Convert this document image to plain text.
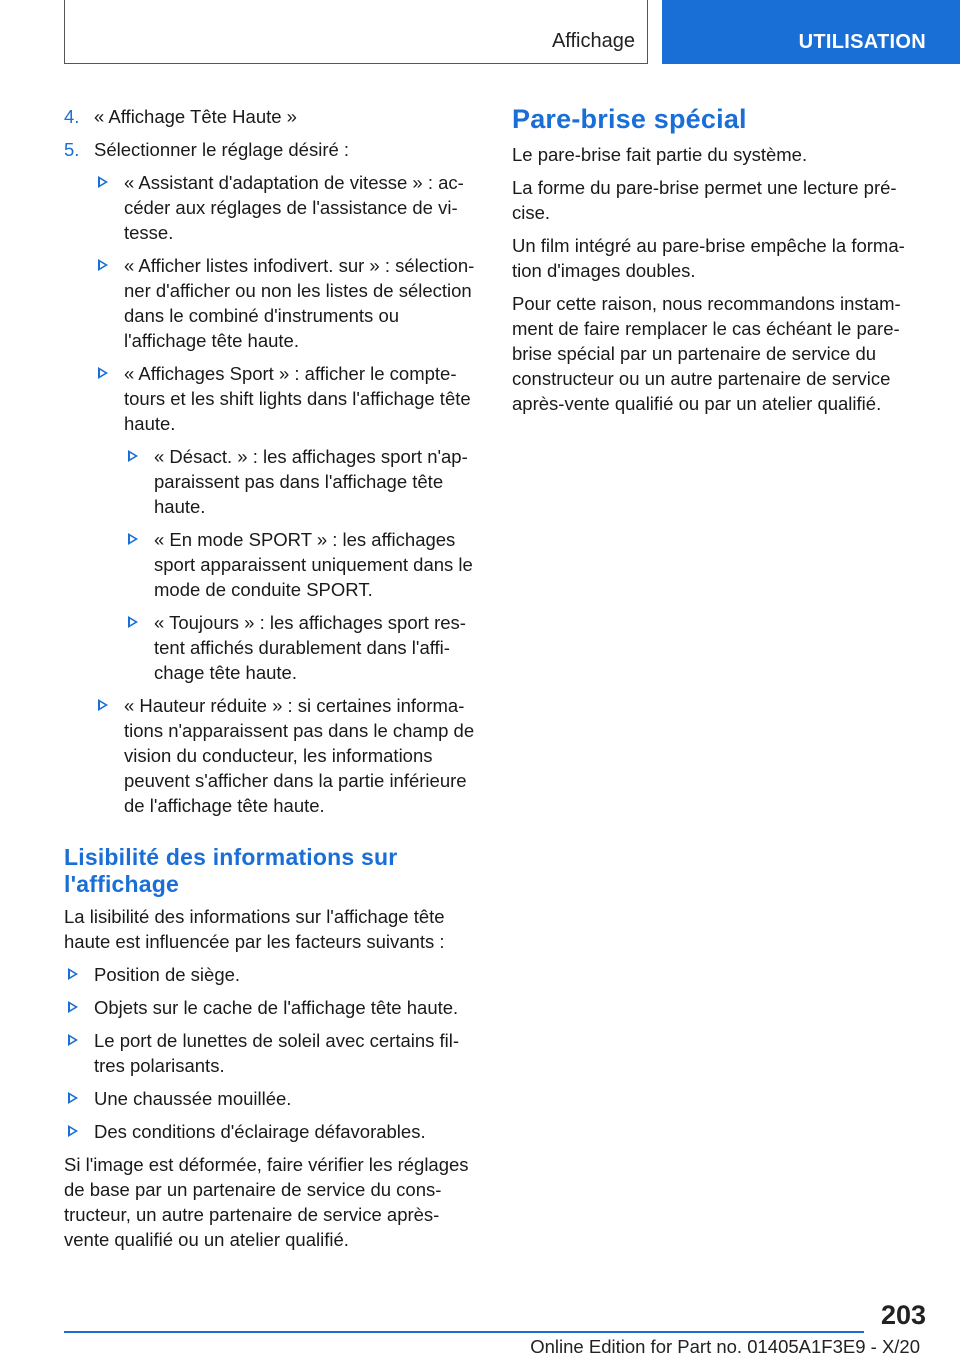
Affichage	UTILISATION
4. « Affichage Tête Haute »
5. Sélectionner le réglage désiré :
« Assistant d'adaptation de vitesse » : accéder aux réglages de l'assistance de vitesse.
« Afficher listes infodivert. sur » : sélectionner d'afficher ou non les listes de sélection dans le combiné d'instruments ou l'affichage tête haute.
« Affichages Sport » : afficher le compte-tours et les shift lights dans l'affichage tête haute.
« Désact. » : les affichages sport n'apparaissent pas dans l'affichage tête haute.
« En mode SPORT » : les affichages sport apparaissent uniquement dans le mode de conduite SPORT.
« Toujours » : les affichages sport restent affichés durablement dans l'affichage tête haute.
« Hauteur réduite » : si certaines informations n'apparaissent pas dans le champ de vision du conducteur, les informations peuvent s'afficher dans la partie inférieure de l'affichage tête haute.
Lisibilité des informations sur l'affichage

La lisibilité des informations sur l'affichage tête haute est influencée par les facteurs suivants :

Position de siège.
Objets sur le cache de l'affichage tête haute.
Le port de lunettes de soleil avec certains filtres polarisants.
Une chaussée mouillée.
Des conditions d'éclairage défavorables.

Si l'image est déformée, faire vérifier les réglages de base par un partenaire de service du constructeur, un autre partenaire de service après-vente qualifié ou un atelier qualifié.

Pare-brise spécial

Le pare-brise fait partie du système.

La forme du pare-brise permet une lecture précise.

Un film intégré au pare-brise empêche la formation d'images doubles.

Pour cette raison, nous recommandons instamment de faire remplacer le cas échéant le pare-brise spécial par un partenaire de service du constructeur ou un autre partenaire de service après-vente qualifié ou par un atelier qualifié.

203
Online Edition for Part no. 01405A1F3E9 - X/20
